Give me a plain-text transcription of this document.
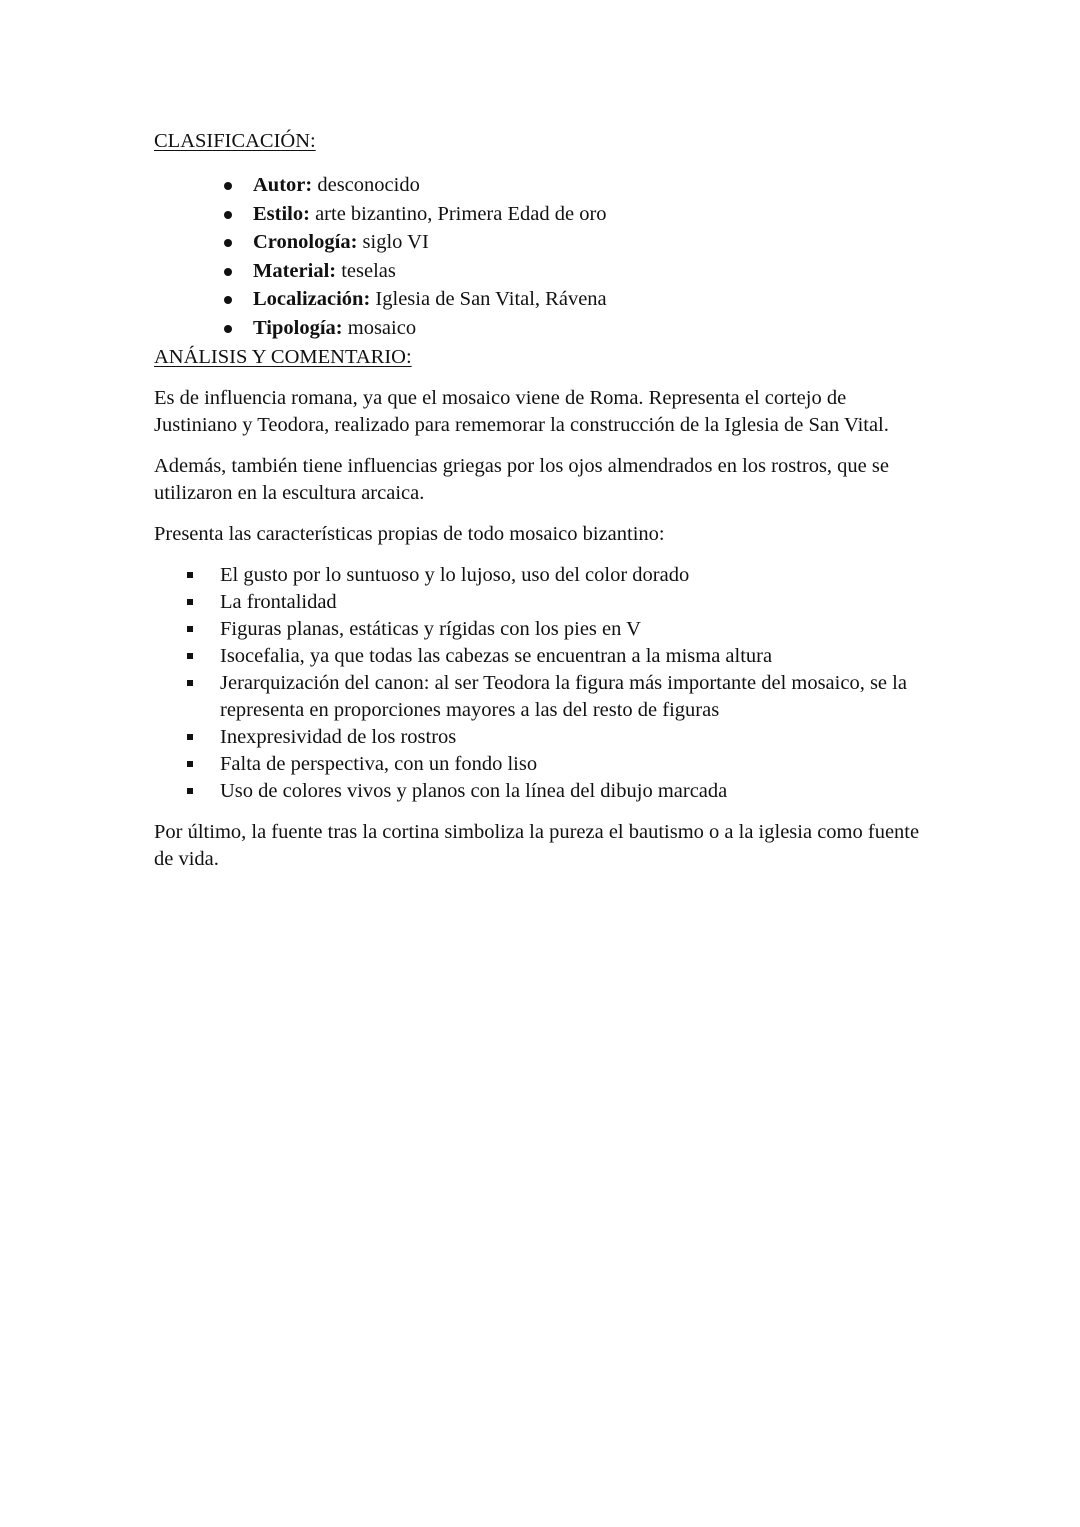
CLASIFICACIÓN:
Autor: desconocido
Estilo: arte bizantino, Primera Edad de oro
Cronología: siglo VI
Material: teselas
Localización: Iglesia de San Vital, Rávena
Tipología: mosaico
ANÁLISIS Y COMENTARIO:

Es de influencia romana, ya que el mosaico viene de Roma. Representa el cortejo de Justiniano y Teodora, realizado para rememorar la construcción de la Iglesia de San Vital.

Además, también tiene influencias griegas por los ojos almendrados en los rostros, que se utilizaron en la escultura arcaica.

Presenta las características propias de todo mosaico bizantino:

El gusto por lo suntuoso y lo lujoso, uso del color dorado
La frontalidad
Figuras planas, estáticas y rígidas con los pies en V
Isocefalia, ya que todas las cabezas se encuentran a la misma altura
Jerarquización del canon: al ser Teodora la figura más importante del mosaico, se la representa en proporciones mayores a las del resto de figuras
Inexpresividad de los rostros
Falta de perspectiva, con un fondo liso
Uso de colores vivos y planos con la línea del dibujo marcada

Por último, la fuente tras la cortina simboliza la pureza el bautismo o a la iglesia como fuente de vida.
